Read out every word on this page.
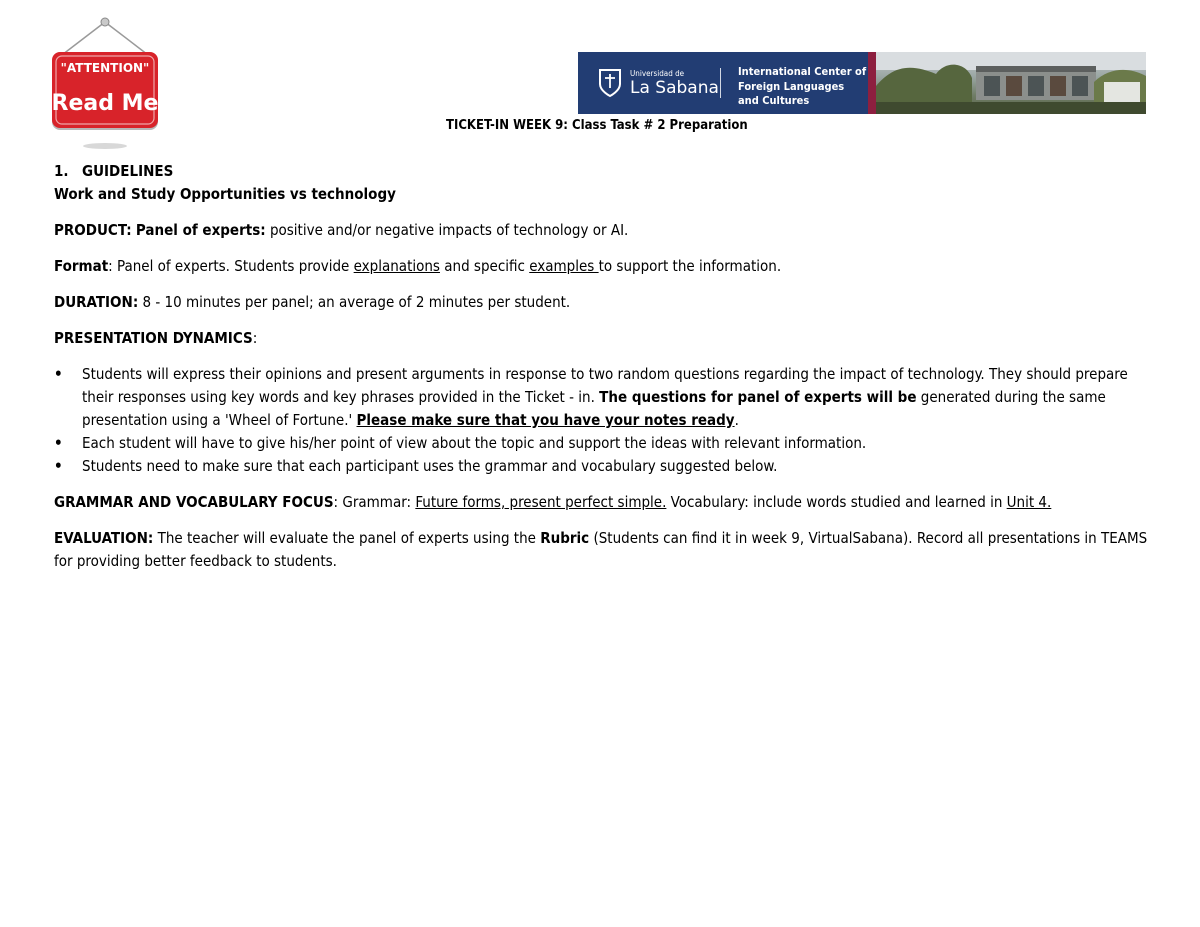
"ATTENTION"
Read Me
Universidad de
La Sabana
International Center of
Foreign Languages
and Cultures
TICKET-IN WEEK 9: Class Task # 2 Preparation

1. GUIDELINES

Work and Study Opportunities vs technology

PRODUCT: Panel of experts: positive and/or negative impacts of technology or AI.

Format: Panel of experts. Students provide explanations and specific examples to support the information.

DURATION: 8 - 10 minutes per panel; an average of 2 minutes per student.

PRESENTATION DYNAMICS:

• Students will express their opinions and present arguments in response to two random questions regarding the impact of technology. They should prepare their responses using key words and key phrases provided in the Ticket - in. The questions for panel of experts will be generated during the same presentation using a 'Wheel of Fortune.' Please make sure that you have your notes ready.
• Each student will have to give his/her point of view about the topic and support the ideas with relevant information.
• Students need to make sure that each participant uses the grammar and vocabulary suggested below.

GRAMMAR AND VOCABULARY FOCUS: Grammar: Future forms, present perfect simple. Vocabulary: include words studied and learned in Unit 4.

EVALUATION: The teacher will evaluate the panel of experts using the Rubric (Students can find it in week 9, VirtualSabana). Record all presentations in TEAMS for providing better feedback to students.
